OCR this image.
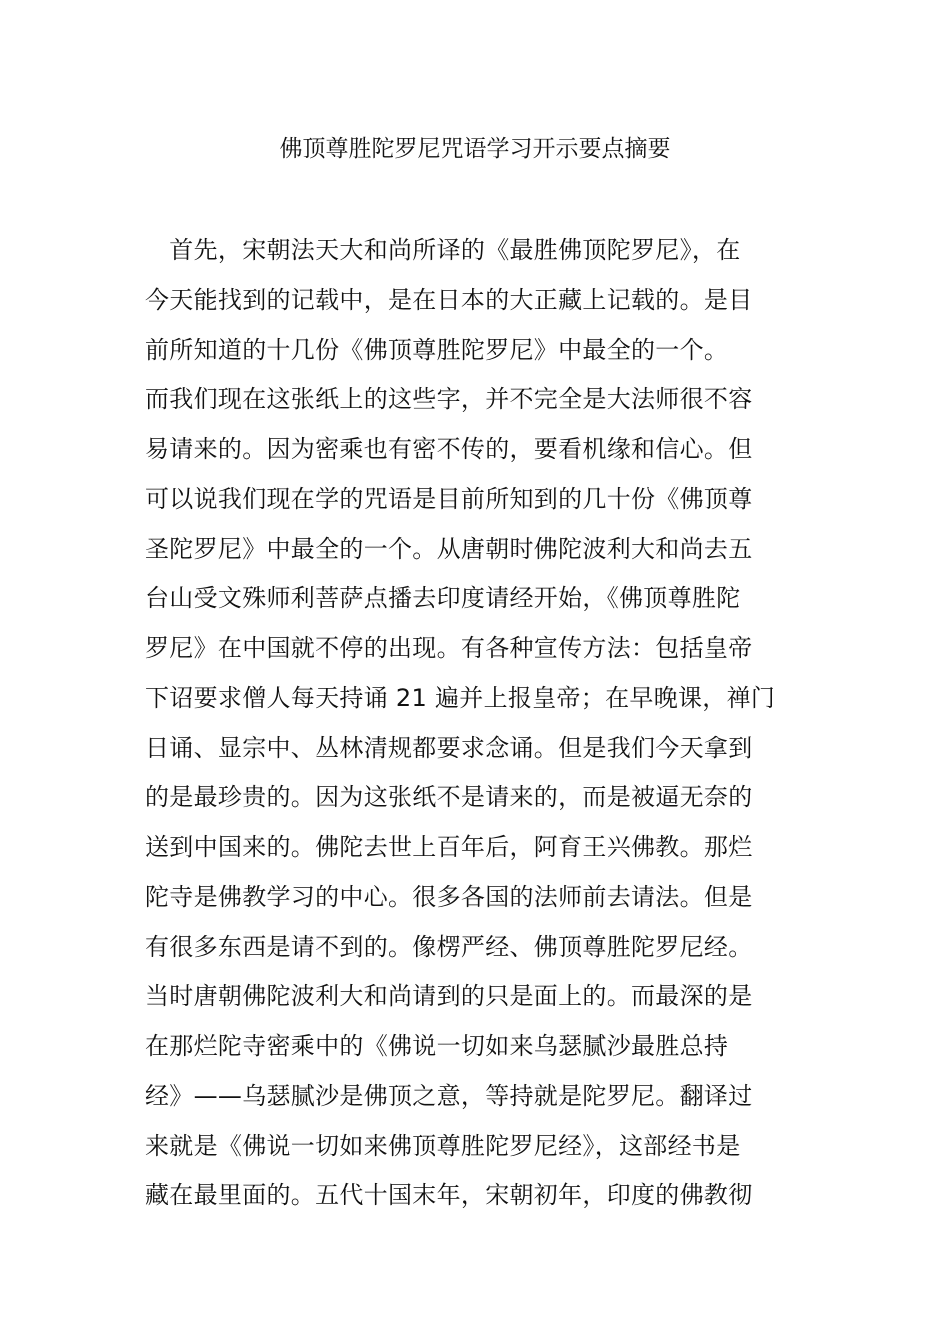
佛顶尊胜陀罗尼咒语学习开示要点摘要
　首先，宋朝法天大和尚所译的《最胜佛顶陀罗尼》，在
今天能找到的记载中，是在日本的大正藏上记载的。是目
前所知道的十几份《佛顶尊胜陀罗尼》中最全的一个。
而我们现在这张纸上的这些字，并不完全是大法师很不容
易请来的。因为密乘也有密不传的，要看机缘和信心。但
可以说我们现在学的咒语是目前所知到的几十份《佛顶尊
圣陀罗尼》中最全的一个。从唐朝时佛陀波利大和尚去五
台山受文殊师利菩萨点播去印度请经开始，《佛顶尊胜陀
罗尼》在中国就不停的出现。有各种宣传方法：包括皇帝
下诏要求僧人每天持诵 21 遍并上报皇帝；在早晚课，禅门
日诵、显宗中、丛林清规都要求念诵。但是我们今天拿到
的是最珍贵的。因为这张纸不是请来的，而是被逼无奈的
送到中国来的。佛陀去世上百年后，阿育王兴佛教。那烂
陀寺是佛教学习的中心。很多各国的法师前去请法。但是
有很多东西是请不到的。像楞严经、佛顶尊胜陀罗尼经。
当时唐朝佛陀波利大和尚请到的只是面上的。而最深的是
在那烂陀寺密乘中的《佛说一切如来乌瑟腻沙最胜总持
经》——乌瑟腻沙是佛顶之意，等持就是陀罗尼。翻译过
来就是《佛说一切如来佛顶尊胜陀罗尼经》，这部经书是
藏在最里面的。五代十国末年，宋朝初年，印度的佛教彻
